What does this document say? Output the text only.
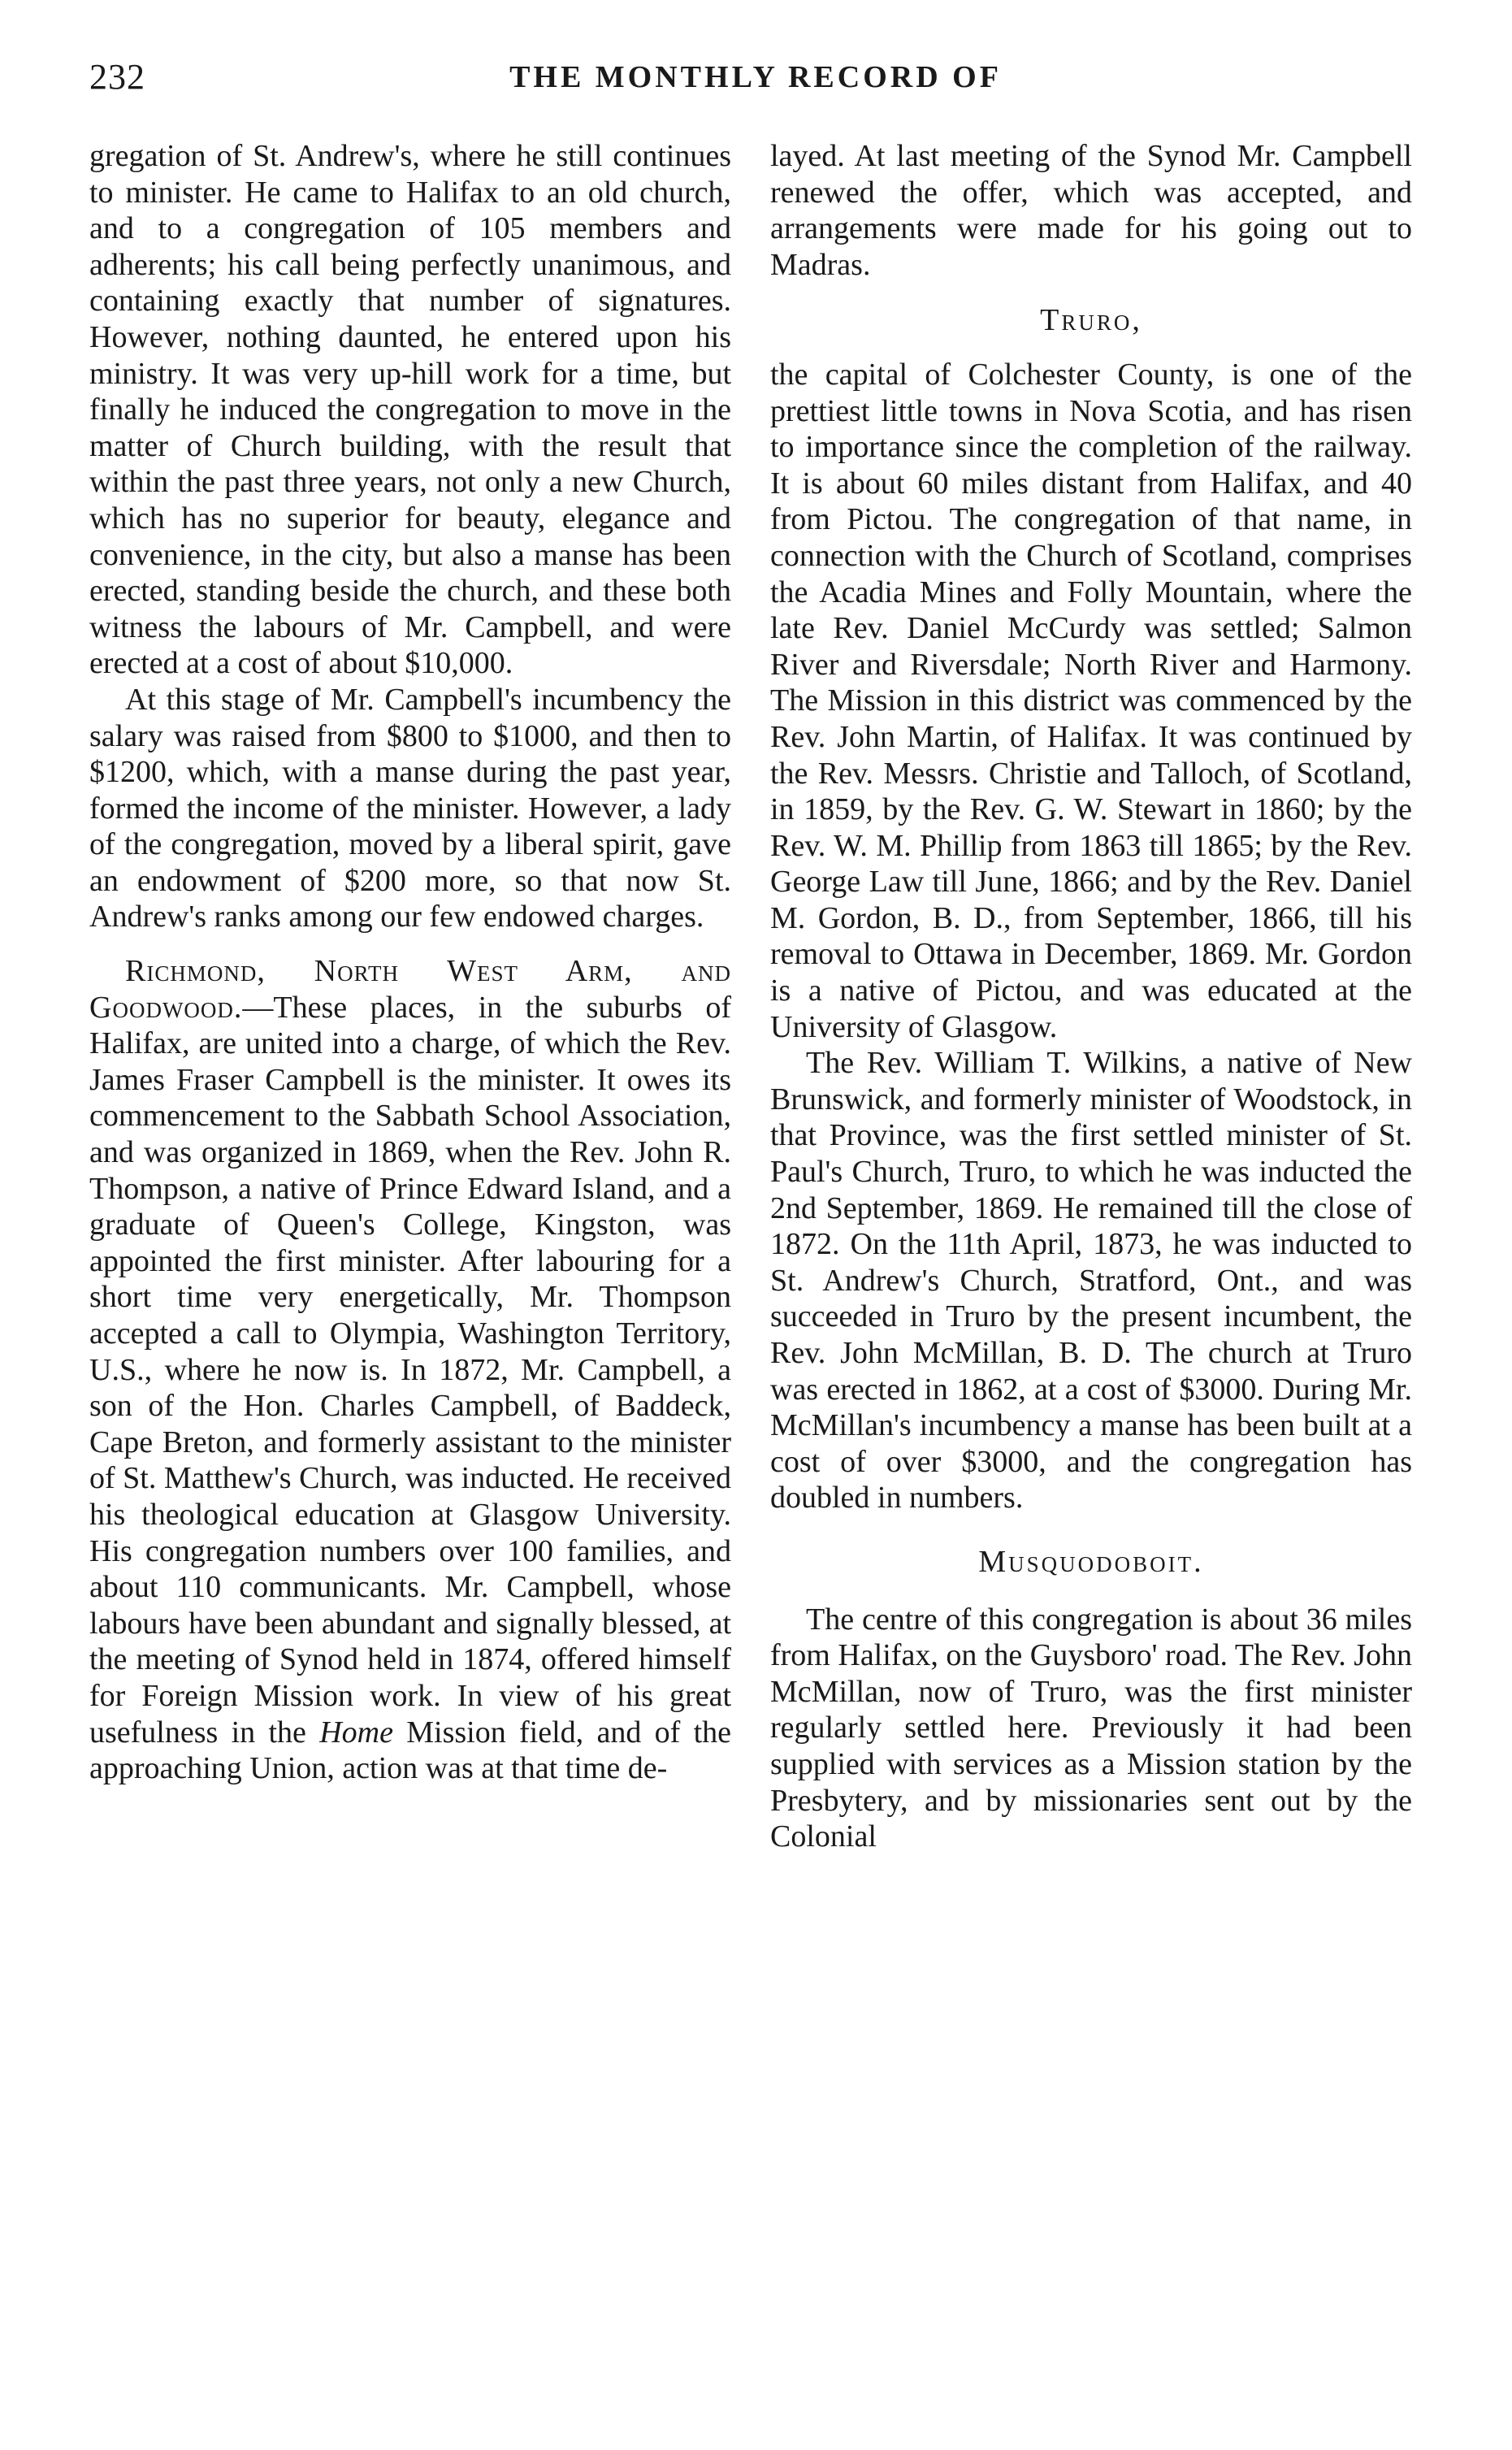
232	THE MONTHLY RECORD OF

gregation of St. Andrew's, where he still continues to minister. He came to Halifax to an old church, and to a congregation of 105 members and adherents; his call being perfectly unanimous, and containing exactly that number of signatures. However, nothing daunted, he entered upon his ministry. It was very up-hill work for a time, but finally he induced the congregation to move in the matter of Church building, with the result that within the past three years, not only a new Church, which has no superior for beauty, elegance and convenience, in the city, but also a manse has been erected, standing beside the church, and these both witness the labours of Mr. Campbell, and were erected at a cost of about $10,000.

At this stage of Mr. Campbell's incumbency the salary was raised from $800 to $1000, and then to $1200, which, with a manse during the past year, formed the income of the minister. However, a lady of the congregation, moved by a liberal spirit, gave an endowment of $200 more, so that now St. Andrew's ranks among our few endowed charges.

Richmond, North West Arm, and Goodwood.—These places, in the suburbs of Halifax, are united into a charge, of which the Rev. James Fraser Campbell is the minister. It owes its commencement to the Sabbath School Association, and was organized in 1869, when the Rev. John R. Thompson, a native of Prince Edward Island, and a graduate of Queen's College, Kingston, was appointed the first minister. After labouring for a short time very energetically, Mr. Thompson accepted a call to Olympia, Washington Territory, U.S., where he now is. In 1872, Mr. Campbell, a son of the Hon. Charles Campbell, of Baddeck, Cape Breton, and formerly assistant to the minister of St. Matthew's Church, was inducted. He received his theological education at Glasgow University. His congregation numbers over 100 families, and about 110 communicants. Mr. Campbell, whose labours have been abundant and signally blessed, at the meeting of Synod held in 1874, offered himself for Foreign Mission work. In view of his great usefulness in the Home Mission field, and of the approaching Union, action was at that time de-

layed. At last meeting of the Synod Mr. Campbell renewed the offer, which was accepted, and arrangements were made for his going out to Madras.

Truro,

the capital of Colchester County, is one of the prettiest little towns in Nova Scotia, and has risen to importance since the completion of the railway. It is about 60 miles distant from Halifax, and 40 from Pictou. The congregation of that name, in connection with the Church of Scotland, comprises the Acadia Mines and Folly Mountain, where the late Rev. Daniel McCurdy was settled; Salmon River and Riversdale; North River and Harmony. The Mission in this district was commenced by the Rev. John Martin, of Halifax. It was continued by the Rev. Messrs. Christie and Talloch, of Scotland, in 1859, by the Rev. G. W. Stewart in 1860; by the Rev. W. M. Phillip from 1863 till 1865; by the Rev. George Law till June, 1866; and by the Rev. Daniel M. Gordon, B. D., from September, 1866, till his removal to Ottawa in December, 1869. Mr. Gordon is a native of Pictou, and was educated at the University of Glasgow.

The Rev. William T. Wilkins, a native of New Brunswick, and formerly minister of Woodstock, in that Province, was the first settled minister of St. Paul's Church, Truro, to which he was inducted the 2nd September, 1869. He remained till the close of 1872. On the 11th April, 1873, he was inducted to St. Andrew's Church, Stratford, Ont., and was succeeded in Truro by the present incumbent, the Rev. John McMillan, B. D. The church at Truro was erected in 1862, at a cost of $3000. During Mr. McMillan's incumbency a manse has been built at a cost of over $3000, and the congregation has doubled in numbers.

Musquodoboit.

The centre of this congregation is about 36 miles from Halifax, on the Guysboro' road. The Rev. John McMillan, now of Truro, was the first minister regularly settled here. Previously it had been supplied with services as a Mission station by the Presbytery, and by missionaries sent out by the Colonial
